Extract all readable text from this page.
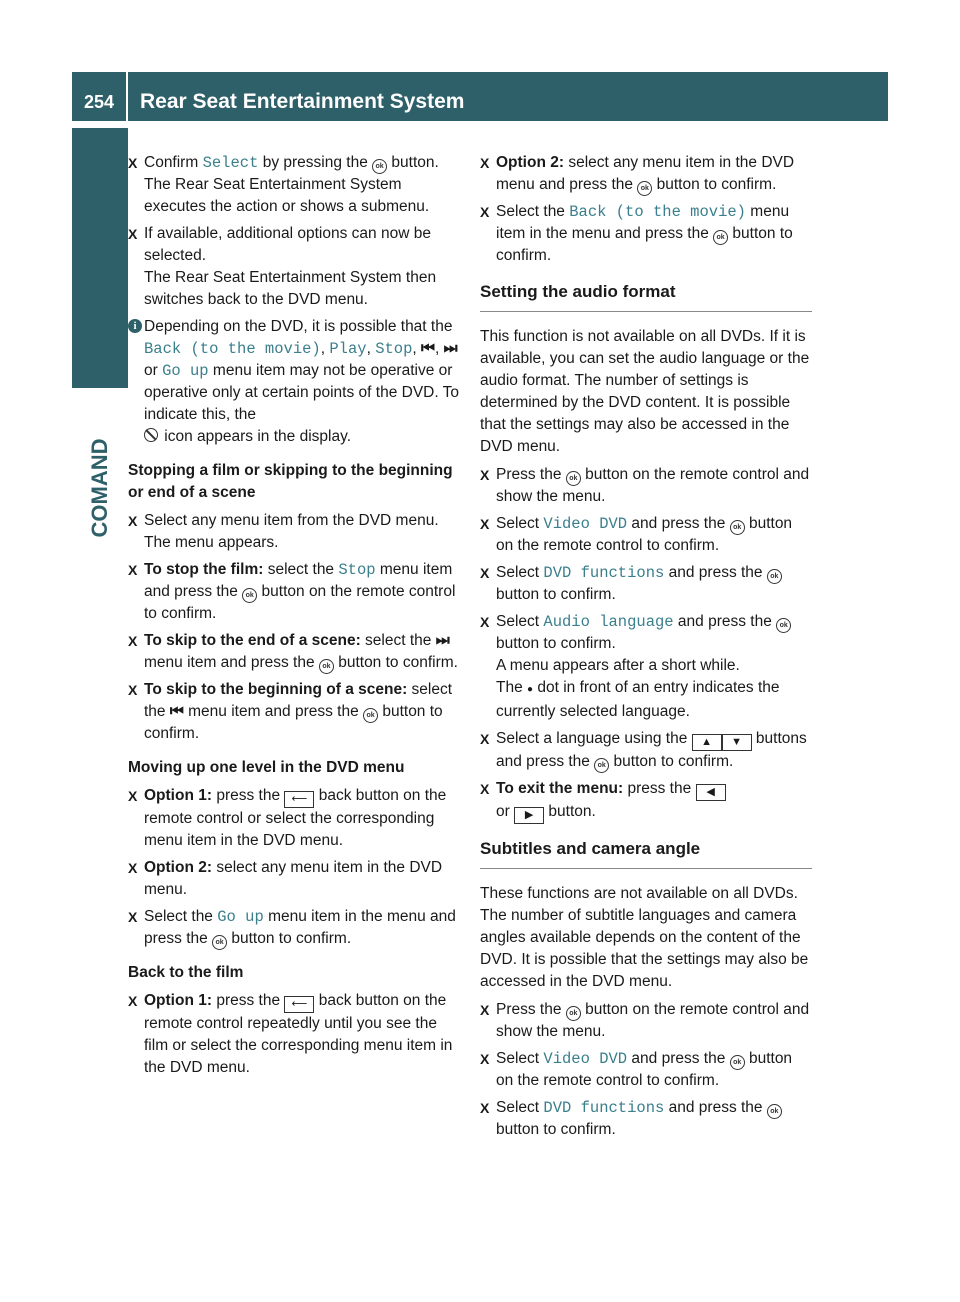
254 Rear Seat Entertainment System
COMAND
X Confirm Select by pressing the ok button.
The Rear Seat Entertainment System executes the action or shows a submenu.
X If available, additional options can now be selected.
The Rear Seat Entertainment System then switches back to the DVD menu.
i Depending on the DVD, it is possible that the Back (to the movie), Play, Stop, ⏮, ⏭ or Go up menu item may not be operative or operative only at certain points of the DVD. To indicate this, the

icon appears in the display.
Stopping a film or skipping to the beginning or end of a scene
X Select any menu item from the DVD menu.
The menu appears.
X To stop the film: select the Stop menu item and press the ok button on the remote control to confirm.
X To skip to the end of a scene: select the ⏭ menu item and press the ok button to confirm.
X To skip to the beginning of a scene: select the ⏮ menu item and press the ok button to confirm.
Moving up one level in the DVD menu
X Option 1: press the ⟵ back button on the remote control or select the corresponding menu item in the DVD menu.
X Option 2: select any menu item in the DVD menu.
X Select the Go up menu item in the menu and press the ok button to confirm.
Back to the film
X Option 1: press the ⟵ back button on the remote control repeatedly until you see the film or select the corresponding menu item in the DVD menu.
X Option 2: select any menu item in the DVD menu and press the ok button to confirm.
X Select the Back (to the movie) menu item in the menu and press the ok button to confirm.
Setting the audio format
This function is not available on all DVDs. If it is available, you can set the audio language or the audio format. The number of settings is determined by the DVD content. It is possible that the settings may also be accessed in the DVD menu.
X Press the ok button on the remote control and show the menu.
X Select Video DVD and press the ok button on the remote control to confirm.
X Select DVD functions and press the ok button to confirm.
X Select Audio language and press the ok button to confirm.
A menu appears after a short while.
The ● dot in front of an entry indicates the currently selected language.
X Select a language using the ▲ ▼ buttons and press the ok button to confirm.
X To exit the menu: press the ◀
or ▶ button.
Subtitles and camera angle
These functions are not available on all DVDs. The number of subtitle languages and camera angles available depends on the content of the DVD. It is possible that the settings may also be accessed in the DVD menu.
X Press the ok button on the remote control and show the menu.
X Select Video DVD and press the ok button on the remote control to confirm.
X Select DVD functions and press the ok button to confirm.
